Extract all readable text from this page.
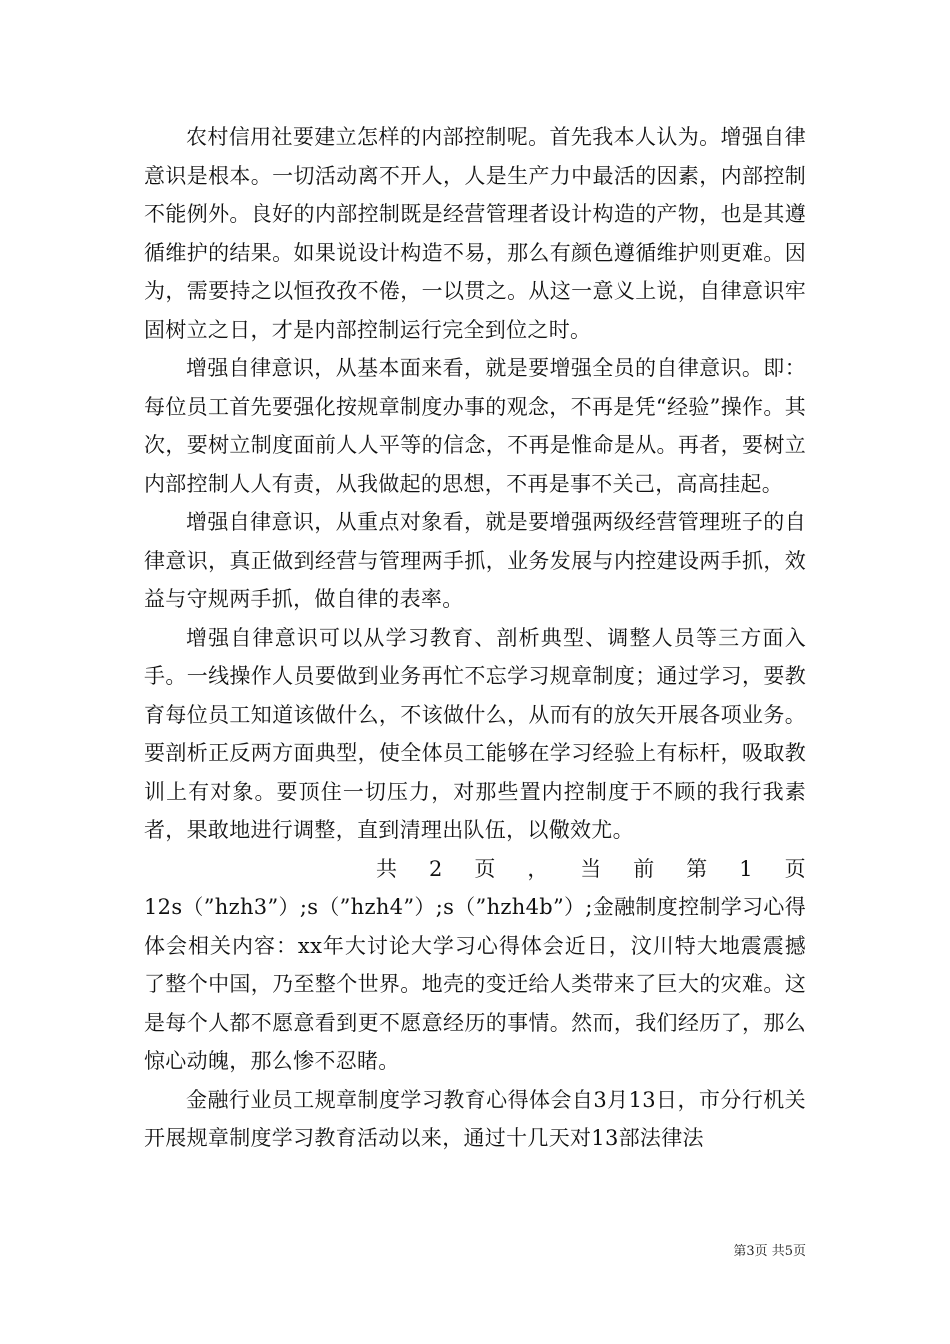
农村信用社要建立怎样的内部控制呢。首先我本人认为。增强自律意识是根本。一切活动离不开人，人是生产力中最活的因素，内部控制不能例外。良好的内部控制既是经营管理者设计构造的产物，也是其遵循维护的结果。如果说设计构造不易，那么有颜色遵循维护则更难。因为，需要持之以恒孜孜不倦，一以贯之。从这一意义上说，自律意识牢固树立之日，才是内部控制运行完全到位之时。

增强自律意识，从基本面来看，就是要增强全员的自律意识。即：每位员工首先要强化按规章制度办事的观念，不再是凭“经验”操作。其次，要树立制度面前人人平等的信念，不再是惟命是从。再者，要树立内部控制人人有责，从我做起的思想，不再是事不关己，高高挂起。

增强自律意识，从重点对象看，就是要增强两级经营管理班子的自律意识，真正做到经营与管理两手抓，业务发展与内控建设两手抓，效益与守规两手抓，做自律的表率。

增强自律意识可以从学习教育、剖析典型、调整人员等三方面入手。一线操作人员要做到业务再忙不忘学习规章制度；通过学习，要教育每位员工知道该做什么，不该做什么，从而有的放矢开展各项业务。要剖析正反两方面典型，使全体员工能够在学习经验上有标杆，吸取教训上有对象。要顶住一切压力，对那些置内控制度于不顾的我行我素者，果敢地进行调整，直到清理出队伍，以儆效尤。

共 2 页 ， 当 前 第 1 页

12s（”hzh3”）;s（”hzh4”）;s（”hzh4b”）;金融制度控制学习心得体会相关内容：xx年大讨论大学习心得体会近日，汶川特大地震震撼了整个中国，乃至整个世界。地壳的变迁给人类带来了巨大的灾难。这是每个人都不愿意看到更不愿意经历的事情。然而，我们经历了，那么惊心动魄，那么惨不忍睹。

金融行业员工规章制度学习教育心得体会自3月13日，市分行机关开展规章制度学习教育活动以来，通过十几天对13部法律法

第3页 共5页
